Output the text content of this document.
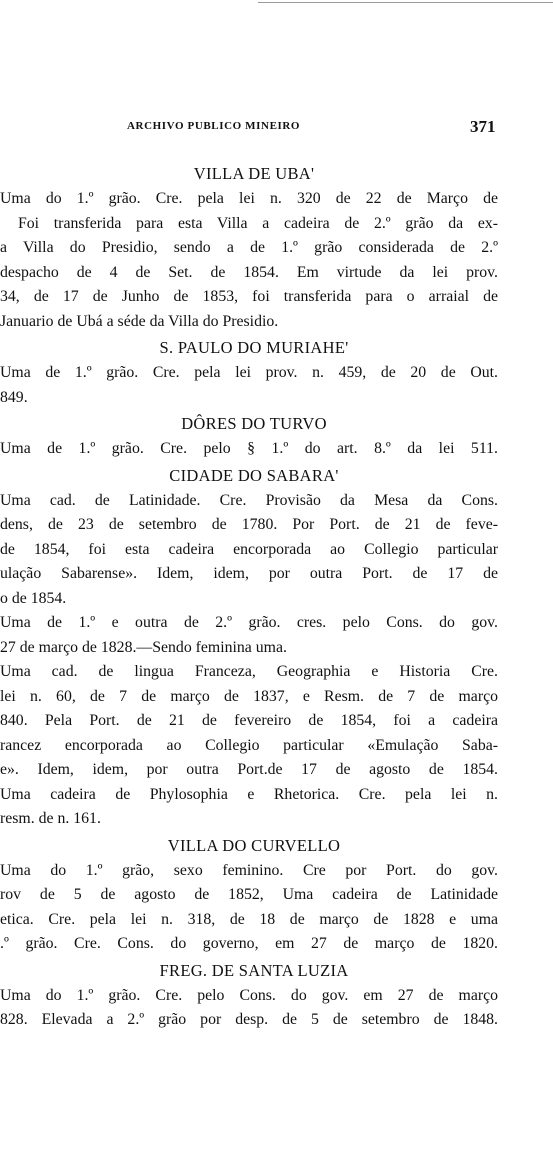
ARCHIVO PUBLICO MINEIRO	371
VILLA DE UBA'
Uma do 1.º grão. Cre. pela lei n. 320 de 22 de Março de
Foi transferida para esta Villa a cadeira de 2.º grão da ex-
a Villa do Presidio, sendo a de 1.º grão considerada de 2.º
despacho de 4 de Set. de 1854. Em virtude da lei prov.
34, de 17 de Junho de 1853, foi transferida para o arraial de
Januario de Ubá a séde da Villa do Presidio.
S. PAULO DO MURIAHE'
Uma de 1.º grão. Cre. pela lei prov. n. 459, de 20 de Out.
849.
DÔRES DO TURVO
Uma de 1.º grão. Cre. pelo § 1.º do art. 8.º da lei 511.
CIDADE DO SABARA'
Uma cad. de Latinidade. Cre. Provisão da Mesa da Cons.
dens, de 23 de setembro de 1780. Por Port. de 21 de feve-
de 1854, foi esta cadeira encorporada ao Collegio particular
ulação Sabarense». Idem, idem, por outra Port. de 17 de
o de 1854.
Uma de 1.º e outra de 2.º grão. cres. pelo Cons. do gov.
27 de março de 1828.—Sendo feminina uma.
Uma cad. de lingua Franceza, Geographia e Historia Cre.
lei n. 60, de 7 de março de 1837, e Resm. de 7 de março
840. Pela Port. de 21 de fevereiro de 1854, foi a cadeira
rancez encorporada ao Collegio particular «Emulação Saba-
e». Idem, idem, por outra Port.de 17 de agosto de 1854.
Uma cadeira de Phylosophia e Rhetorica. Cre. pela lei n.
resm. de n. 161.
VILLA DO CURVELLO
Uma do 1.º grão, sexo feminino. Cre por Port. do gov.
rov de 5 de agosto de 1852, Uma cadeira de Latinidade
etica. Cre. pela lei n. 318, de 18 de março de 1828 e uma
.º grão. Cre. Cons. do governo, em 27 de março de 1820.
FREG. DE SANTA LUZIA
Uma do 1.º grão. Cre. pelo Cons. do gov. em 27 de março
828. Elevada a 2.º grão por desp. de 5 de setembro de 1848.
